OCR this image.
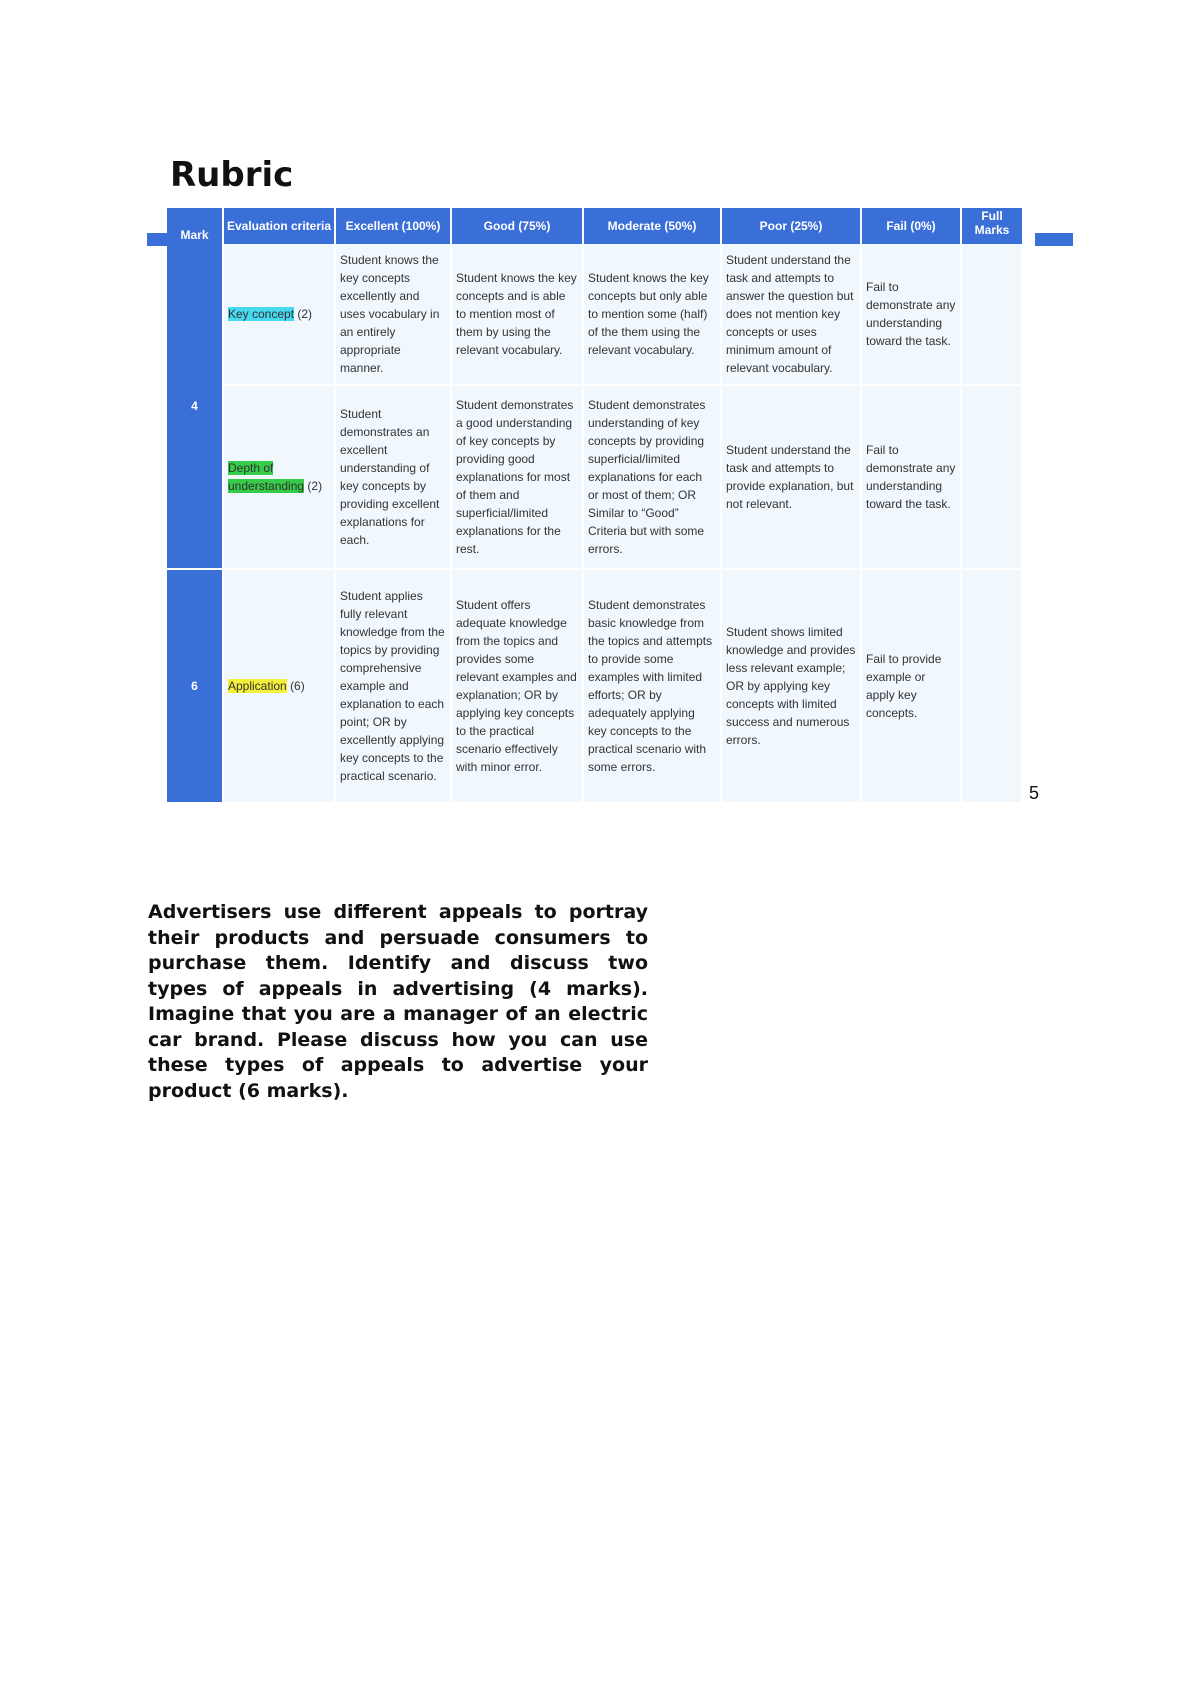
Rubric
Mark	Evaluation criteria	Excellent (100%)	Good (75%)	Moderate (50%)	Poor (25%)	Fail (0%)	Full Marks
4	Key concept (2)	Student knows the key concepts excellently and uses vocabulary in an entirely appropriate manner.	Student knows the key concepts and is able to mention most of them by using the relevant vocabulary.	Student knows the key concepts but only able to mention some (half) of the them using the relevant vocabulary.	Student understand the task and attempts to answer the question but does not mention key concepts or uses minimum amount of relevant vocabulary.	Fail to demonstrate any understanding toward the task.	
	Depth of understanding (2)	Student demonstrates an excellent understanding of key concepts by providing excellent explanations for each.	Student demonstrates a good understanding of key concepts by providing good explanations for most of them and superficial/limited explanations for the rest.	Student demonstrates understanding of key concepts by providing superficial/limited explanations for each or most of them; OR Similar to “Good” Criteria but with some errors.	Student understand the task and attempts to provide explanation, but not relevant.	Fail to demonstrate any understanding toward the task.	
6	Application (6)	Student applies fully relevant knowledge from the topics by providing comprehensive example and explanation to each point; OR by excellently applying key concepts to the practical scenario.	Student offers adequate knowledge from the topics and provides some relevant examples and explanation; OR by applying key concepts to the practical scenario effectively with minor error.	Student demonstrates basic knowledge from the topics and attempts to provide some examples with limited efforts; OR by adequately applying key concepts to the practical scenario with some errors.	Student shows limited knowledge and provides less relevant example; OR by applying key concepts with limited success and numerous errors.	Fail to provide example or apply key concepts.	
5

Advertisers use different appeals to portray their products and persuade consumers to purchase them. Identify and discuss two types of appeals in advertising (4 marks). Imagine that you are a manager of an electric car brand. Please discuss how you can use these types of appeals to advertise your product (6 marks).
